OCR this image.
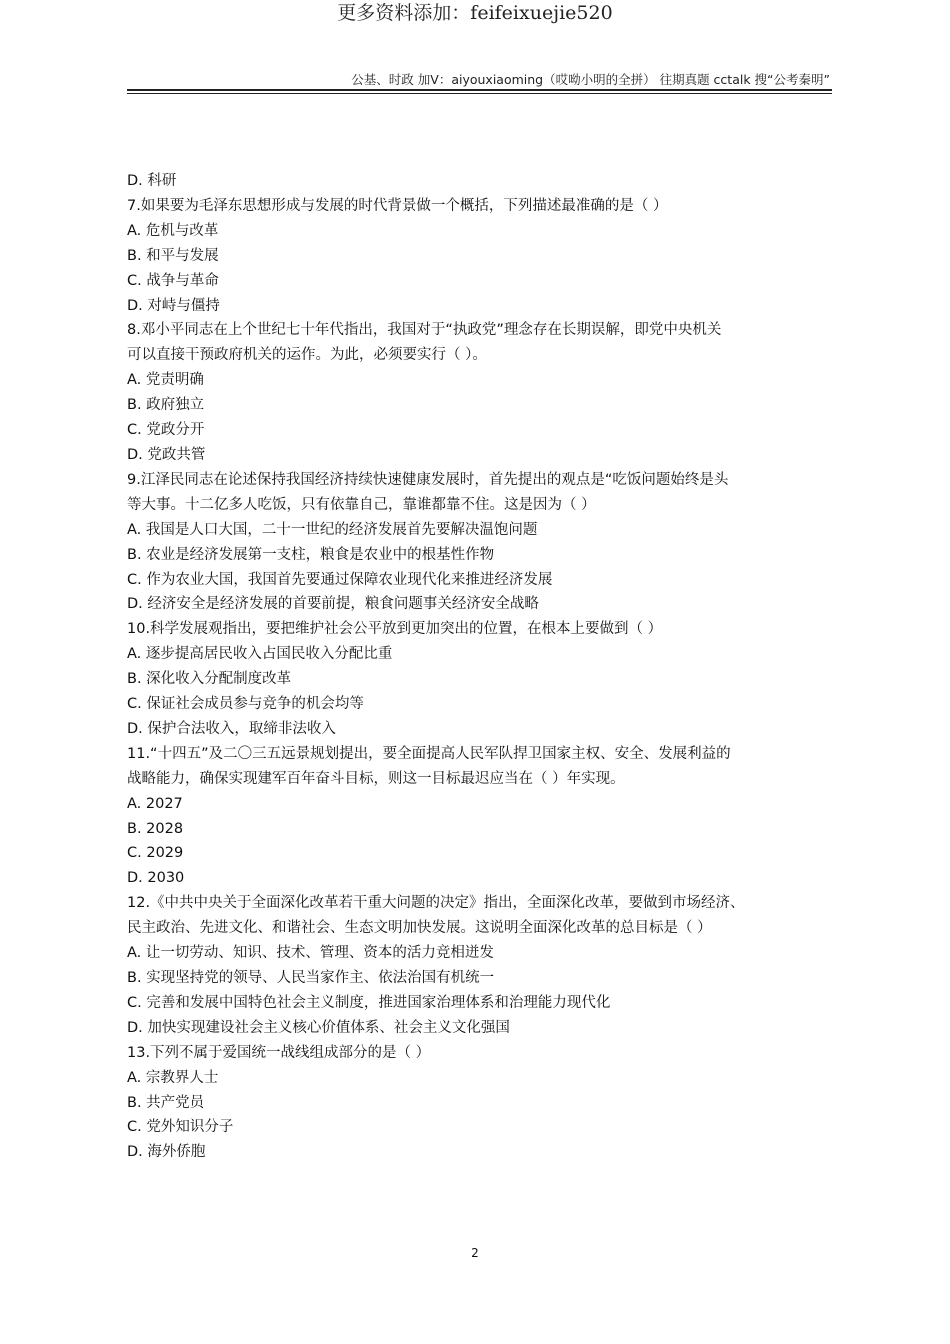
更多资料添加：feifeixuejie520
公基、时政 加V：aiyouxiaoming（哎呦小明的全拼） 往期真题 cctalk 搜“公考秦明”
D. 科研
7.如果要为毛泽东思想形成与发展的时代背景做一个概括，下列描述最准确的是（ ）
A. 危机与改革
B. 和平与发展
C. 战争与革命
D. 对峙与僵持
8.邓小平同志在上个世纪七十年代指出，我国对于“执政党”理念存在长期误解，即党中央机关
可以直接干预政府机关的运作。为此，必须要实行（ ）。
A. 党责明确
B. 政府独立
C. 党政分开
D. 党政共管
9.江泽民同志在论述保持我国经济持续快速健康发展时，首先提出的观点是“吃饭问题始终是头
等大事。十二亿多人吃饭，只有依靠自己，靠谁都靠不住。这是因为（ ）
A. 我国是人口大国，二十一世纪的经济发展首先要解决温饱问题
B. 农业是经济发展第一支柱，粮食是农业中的根基性作物
C. 作为农业大国，我国首先要通过保障农业现代化来推进经济发展
D. 经济安全是经济发展的首要前提，粮食问题事关经济安全战略
10.科学发展观指出，要把维护社会公平放到更加突出的位置，在根本上要做到（ ）
A. 逐步提高居民收入占国民收入分配比重
B. 深化收入分配制度改革
C. 保证社会成员参与竞争的机会均等
D. 保护合法收入，取缔非法收入
11.“十四五”及二〇三五远景规划提出，要全面提高人民军队捍卫国家主权、安全、发展利益的
战略能力，确保实现建军百年奋斗目标，则这一目标最迟应当在（ ）年实现。
A. 2027
B. 2028
C. 2029
D. 2030
12.《中共中央关于全面深化改革若干重大问题的决定》指出，全面深化改革，要做到市场经济、
民主政治、先进文化、和谐社会、生态文明加快发展。这说明全面深化改革的总目标是（ ）
A. 让一切劳动、知识、技术、管理、资本的活力竞相迸发
B. 实现坚持党的领导、人民当家作主、依法治国有机统一
C. 完善和发展中国特色社会主义制度，推进国家治理体系和治理能力现代化
D. 加快实现建设社会主义核心价值体系、社会主义文化强国
13.下列不属于爱国统一战线组成部分的是（ ）
A. 宗教界人士
B. 共产党员
C. 党外知识分子
D. 海外侨胞
2
